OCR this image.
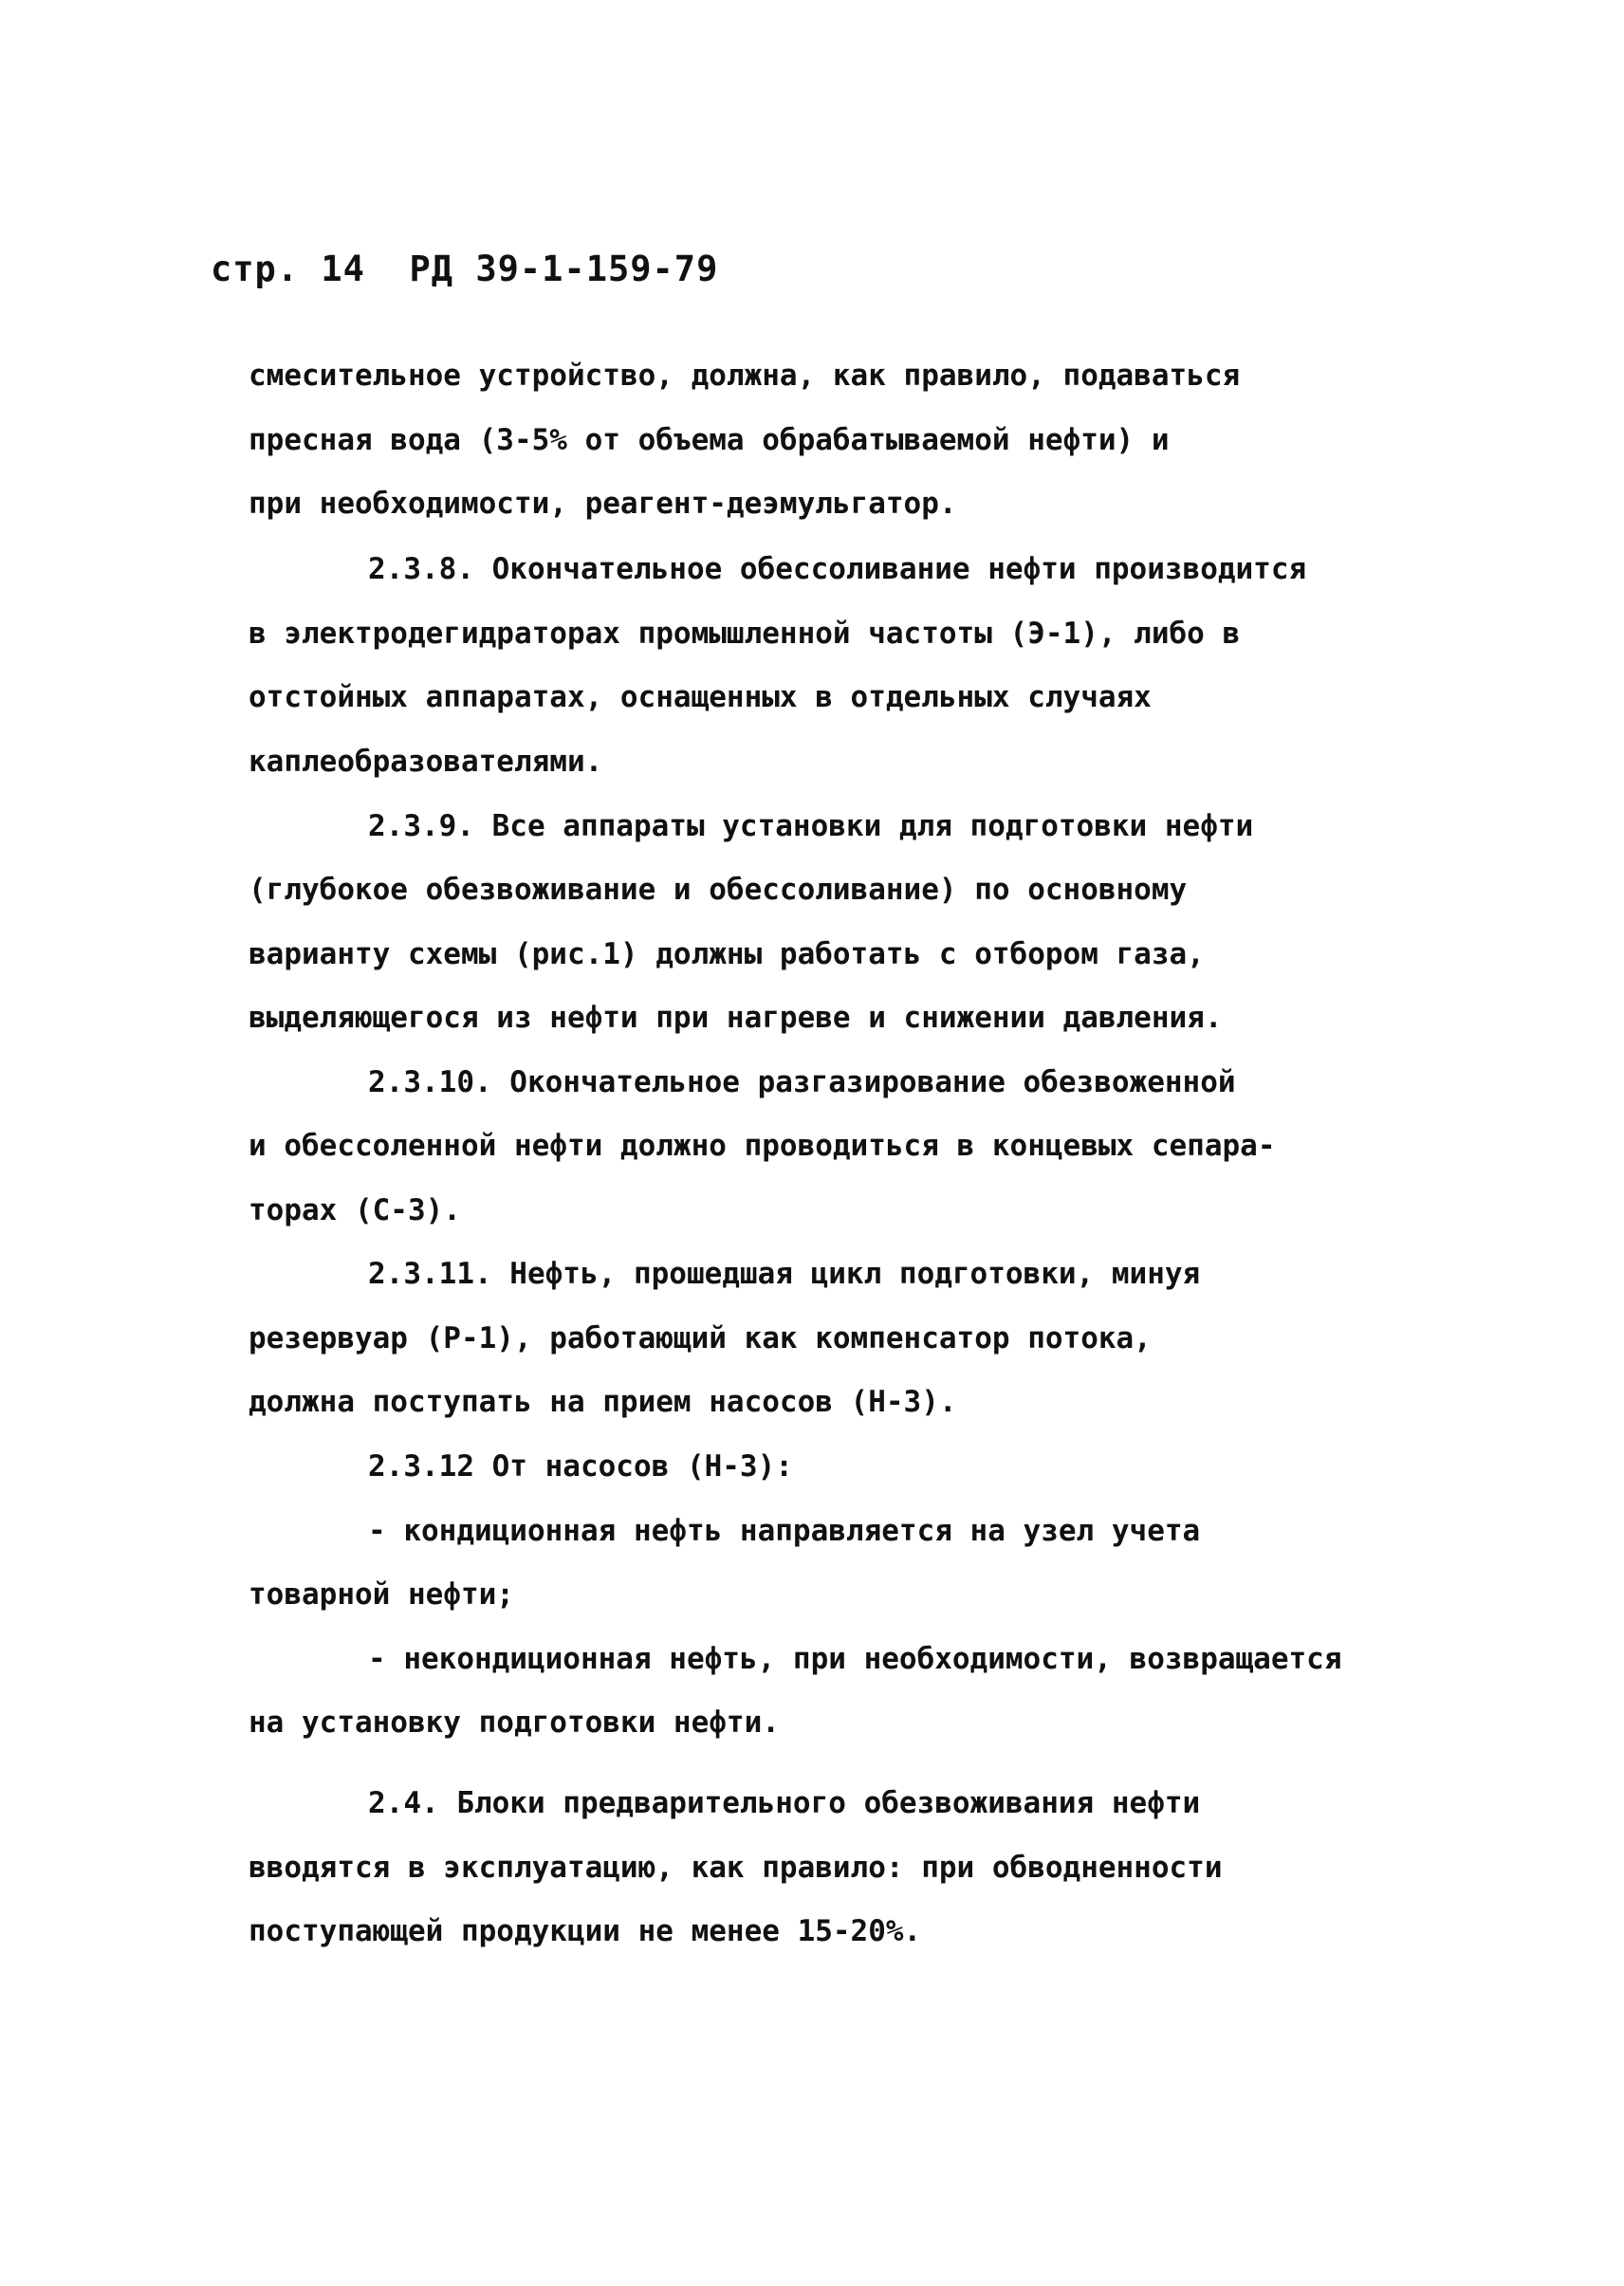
стр. 14 РД 39-1-159-79
смесительное устройство, должна, как правило, подаваться
пресная вода (3-5% от объема обрабатываемой нефти) и
при необходимости, реагент-деэмульгатор.
2.3.8. Окончательное обессоливание нефти производится
в электродегидраторах промышленной частоты (Э-1), либо в
отстойных аппаратах, оснащенных в отдельных случаях
каплеобразователями.
2.3.9. Все аппараты установки для подготовки нефти
(глубокое обезвоживание и обессоливание) по основному
варианту схемы (рис.1) должны работать с отбором газа,
выделяющегося из нефти при нагреве и снижении давления.
2.3.10. Окончательное разгазирование обезвоженной
и обессоленной нефти должно проводиться в концевых сепара-
торах (С-3).
2.3.11. Нефть, прошедшая цикл подготовки, минуя
резервуар (Р-1), работающий как компенсатор потока,
должна поступать на прием насосов (Н-3).
2.3.12 От насосов (Н-3):
- кондиционная нефть направляется на узел учета
товарной нефти;
- некондиционная нефть, при необходимости, возвращается
на установку подготовки нефти.
2.4. Блоки предварительного обезвоживания нефти
вводятся в эксплуатацию, как правило: при обводненности
поступающей продукции не менее 15-20%.
